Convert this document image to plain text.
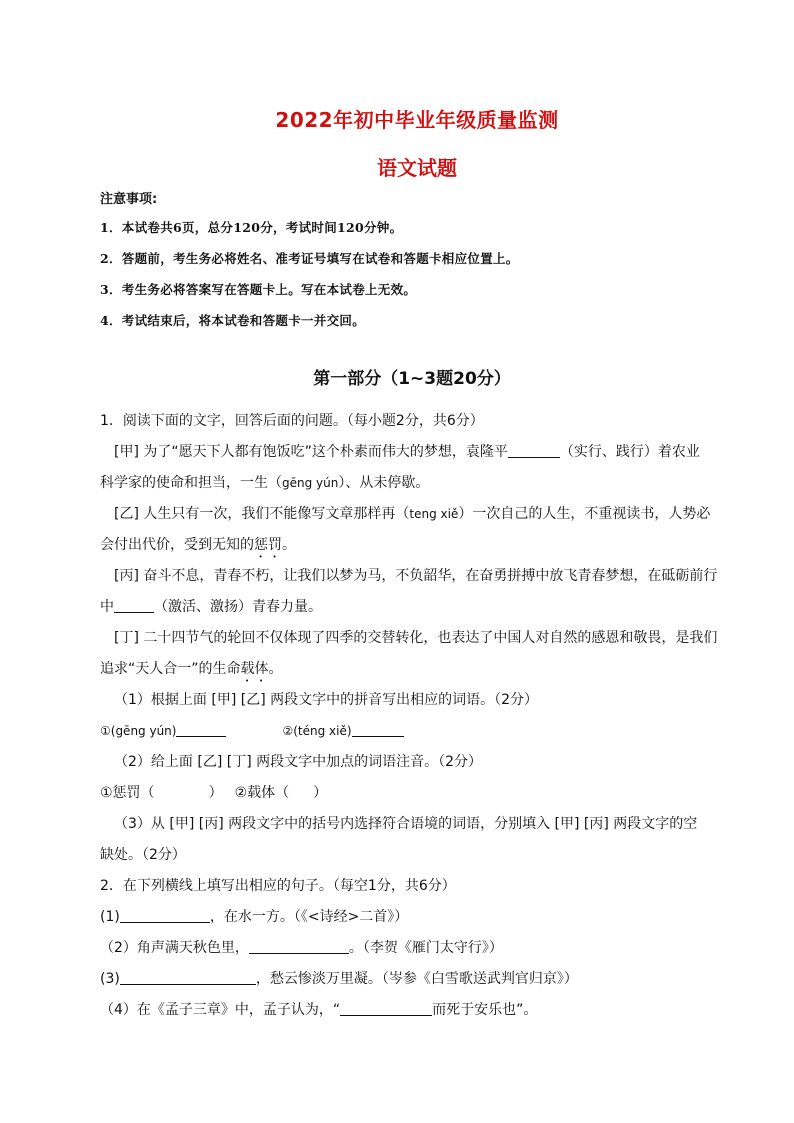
2022年初中毕业年级质量监测
语文试题
注意事项:
1．本试卷共6页，总分120分，考试时间120分钟。
2．答题前，考生务必将姓名、准考证号填写在试卷和答题卡相应位置上。
3．考生务必将答案写在答题卡上。写在本试卷上无效。
4．考试结束后，将本试卷和答题卡一并交回。
第一部分（1~3题20分）
1．阅读下面的文字，回答后面的问题。（每小题2分，共6分）
[甲] 为了“愿天下人都有饱饭吃”这个朴素而伟大的梦想，袁隆平	（实行、践行）着农业
科学家的使命和担当，一生（gēng yún）、从未停歇。
[乙] 人生只有一次，我们不能像写文章那样再（teng xiě）一次自己的人生，不重视读书，人势必
会付出代价，受到无知的惩罚。
[丙] 奋斗不息，青春不朽，让我们以梦为马，不负韶华，在奋勇拼搏中放飞青春梦想，在砥砺前行
中	（激活、激扬）青春力量。
[丁] 二十四节气的轮回不仅体现了四季的交替转化，也表达了中国人对自然的感恩和敬畏，是我们
追求“天人合一”的生命载体。
（1）根据上面 [甲] [乙] 两段文字中的拼音写出相应的词语。（2分）
①(gēng yún)	②(téng xiě)
（2）给上面 [乙] [丁] 两段文字中加点的词语注音。（2分）
①惩罚（	） ②载体（ ）
（3）从 [甲] [丙] 两段文字中的括号内选择符合语境的词语，分别填入 [甲] [丙] 两段文字的空
缺处。（2分）
2．在下列横线上填写出相应的句子。（每空1分，共6分）
(1)	，在水一方。（《<诗经>二首》）
（2）角声满天秋色里，	。（李贺《雁门太守行》）
(3)	，愁云惨淡万里凝。（岑参《白雪歌送武判官归京》）
（4）在《孟子三章》中，孟子认为，“	而死于安乐也”。
